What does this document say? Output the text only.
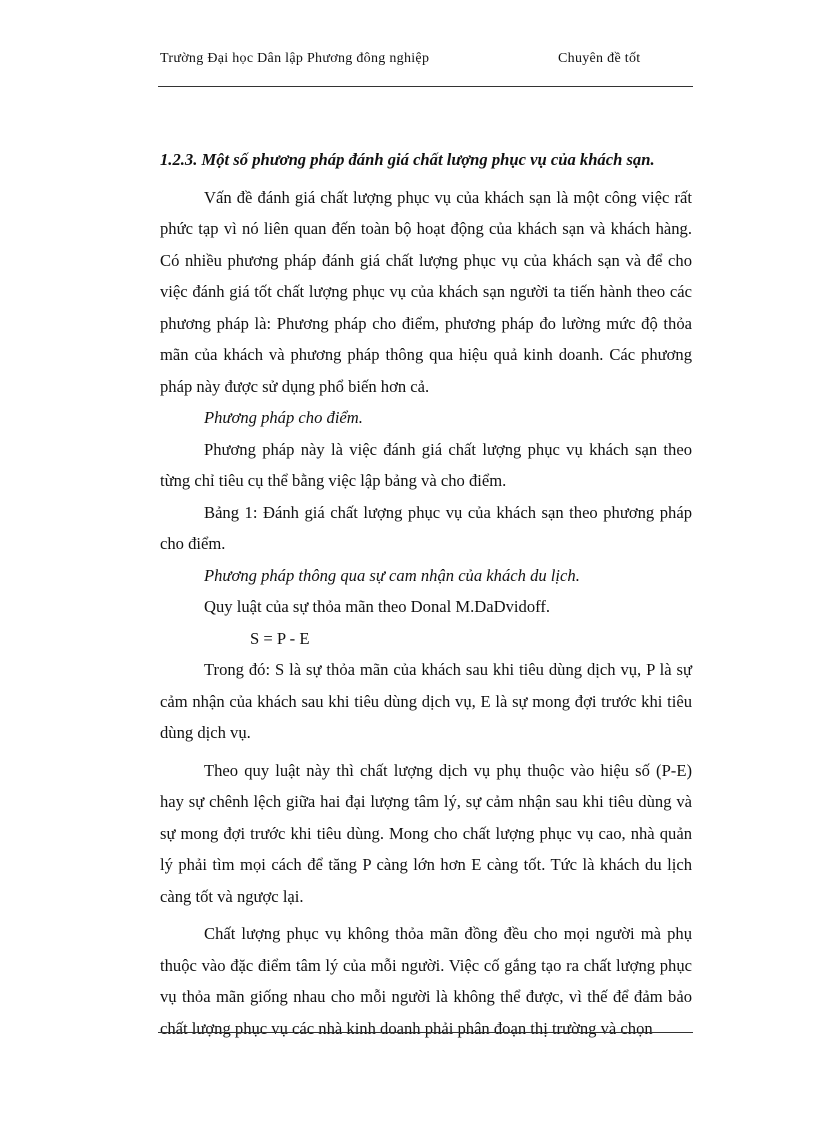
Trường Đại học Dân lập Phương đông nghiệp	Chuyên đề tốt

1.2.3. Một số phương pháp đánh giá chất lượng phục vụ của khách sạn.

Vấn đề đánh giá chất lượng phục vụ của khách sạn là một công việc rất phức tạp vì nó liên quan đến toàn bộ hoạt động của khách sạn và khách hàng. Có nhiều phương pháp đánh giá chất lượng phục vụ của khách sạn và để cho việc đánh giá tốt chất lượng phục vụ của khách sạn người ta tiến hành theo các phương pháp là: Phương pháp cho điểm, phương pháp đo lường mức độ thỏa mãn của khách và phương pháp thông qua hiệu quả kinh doanh. Các phương pháp này được sử dụng phổ biến hơn cả.

Phương pháp cho điểm.

Phương pháp này là việc đánh giá chất lượng phục vụ khách sạn theo từng chỉ tiêu cụ thể bằng việc lập bảng và cho điểm.

Bảng 1: Đánh giá chất lượng phục vụ của khách sạn theo phương pháp cho điểm.

Phương pháp thông qua sự cam nhận của khách du lịch.

Quy luật của sự thỏa mãn theo Donal M.DaDvidoff.

S = P - E

Trong đó: S là sự thỏa mãn của khách sau khi tiêu dùng dịch vụ, P là sự cảm nhận của khách sau khi tiêu dùng dịch vụ, E là sự mong đợi trước khi tiêu dùng dịch vụ.

Theo quy luật này thì chất lượng dịch vụ phụ thuộc vào hiệu số (P-E) hay sự chênh lệch giữa hai đại lượng tâm lý, sự cảm nhận sau khi tiêu dùng và sự mong đợi trước khi tiêu dùng. Mong cho chất lượng phục vụ cao, nhà quản lý phải tìm mọi cách để tăng P càng lớn hơn E càng tốt. Tức là khách du lịch càng tốt và ngược lại.

Chất lượng phục vụ không thỏa mãn đồng đều cho mọi người mà phụ thuộc vào đặc điểm tâm lý của mỗi người. Việc cố gắng tạo ra chất lượng phục vụ thỏa mãn giống nhau cho mỗi người là không thể được, vì thế để đảm bảo chất lượng phục vụ các nhà kinh doanh phải phân đoạn thị trường và chọn
